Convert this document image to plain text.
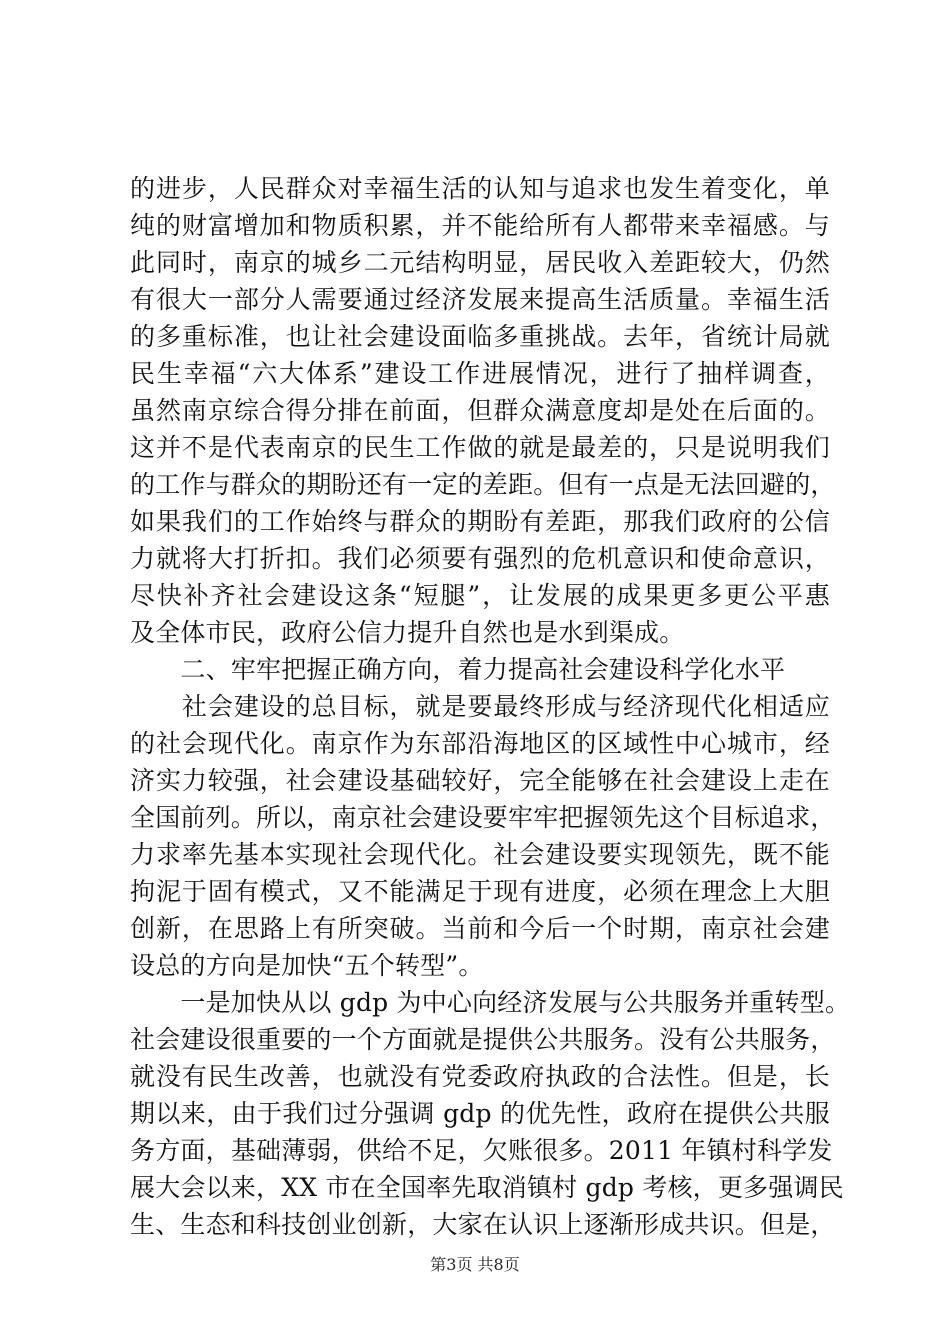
的进步，人民群众对幸福生活的认知与追求也发生着变化，单
纯的财富增加和物质积累，并不能给所有人都带来幸福感。与
此同时，南京的城乡二元结构明显，居民收入差距较大，仍然
有很大一部分人需要通过经济发展来提高生活质量。幸福生活
的多重标准，也让社会建设面临多重挑战。去年，省统计局就
民生幸福“六大体系”建设工作进展情况，进行了抽样调查，
虽然南京综合得分排在前面，但群众满意度却是处在后面的。
这并不是代表南京的民生工作做的就是最差的，只是说明我们
的工作与群众的期盼还有一定的差距。但有一点是无法回避的，
如果我们的工作始终与群众的期盼有差距，那我们政府的公信
力就将大打折扣。我们必须要有强烈的危机意识和使命意识，
尽快补齐社会建设这条“短腿”，让发展的成果更多更公平惠
及全体市民，政府公信力提升自然也是水到渠成。
　　二、牢牢把握正确方向，着力提高社会建设科学化水平
　　社会建设的总目标，就是要最终形成与经济现代化相适应
的社会现代化。南京作为东部沿海地区的区域性中心城市，经
济实力较强，社会建设基础较好，完全能够在社会建设上走在
全国前列。所以，南京社会建设要牢牢把握领先这个目标追求，
力求率先基本实现社会现代化。社会建设要实现领先，既不能
拘泥于固有模式，又不能满足于现有进度，必须在理念上大胆
创新，在思路上有所突破。当前和今后一个时期，南京社会建
设总的方向是加快“五个转型”。
　　一是加快从以 gdp 为中心向经济发展与公共服务并重转型。
社会建设很重要的一个方面就是提供公共服务。没有公共服务，
就没有民生改善，也就没有党委政府执政的合法性。但是，长
期以来，由于我们过分强调 gdp 的优先性，政府在提供公共服
务方面，基础薄弱，供给不足，欠账很多。2011 年镇村科学发
展大会以来，XX 市在全国率先取消镇村 gdp 考核，更多强调民
生、生态和科技创业创新，大家在认识上逐渐形成共识。但是，
第3页 共8页
